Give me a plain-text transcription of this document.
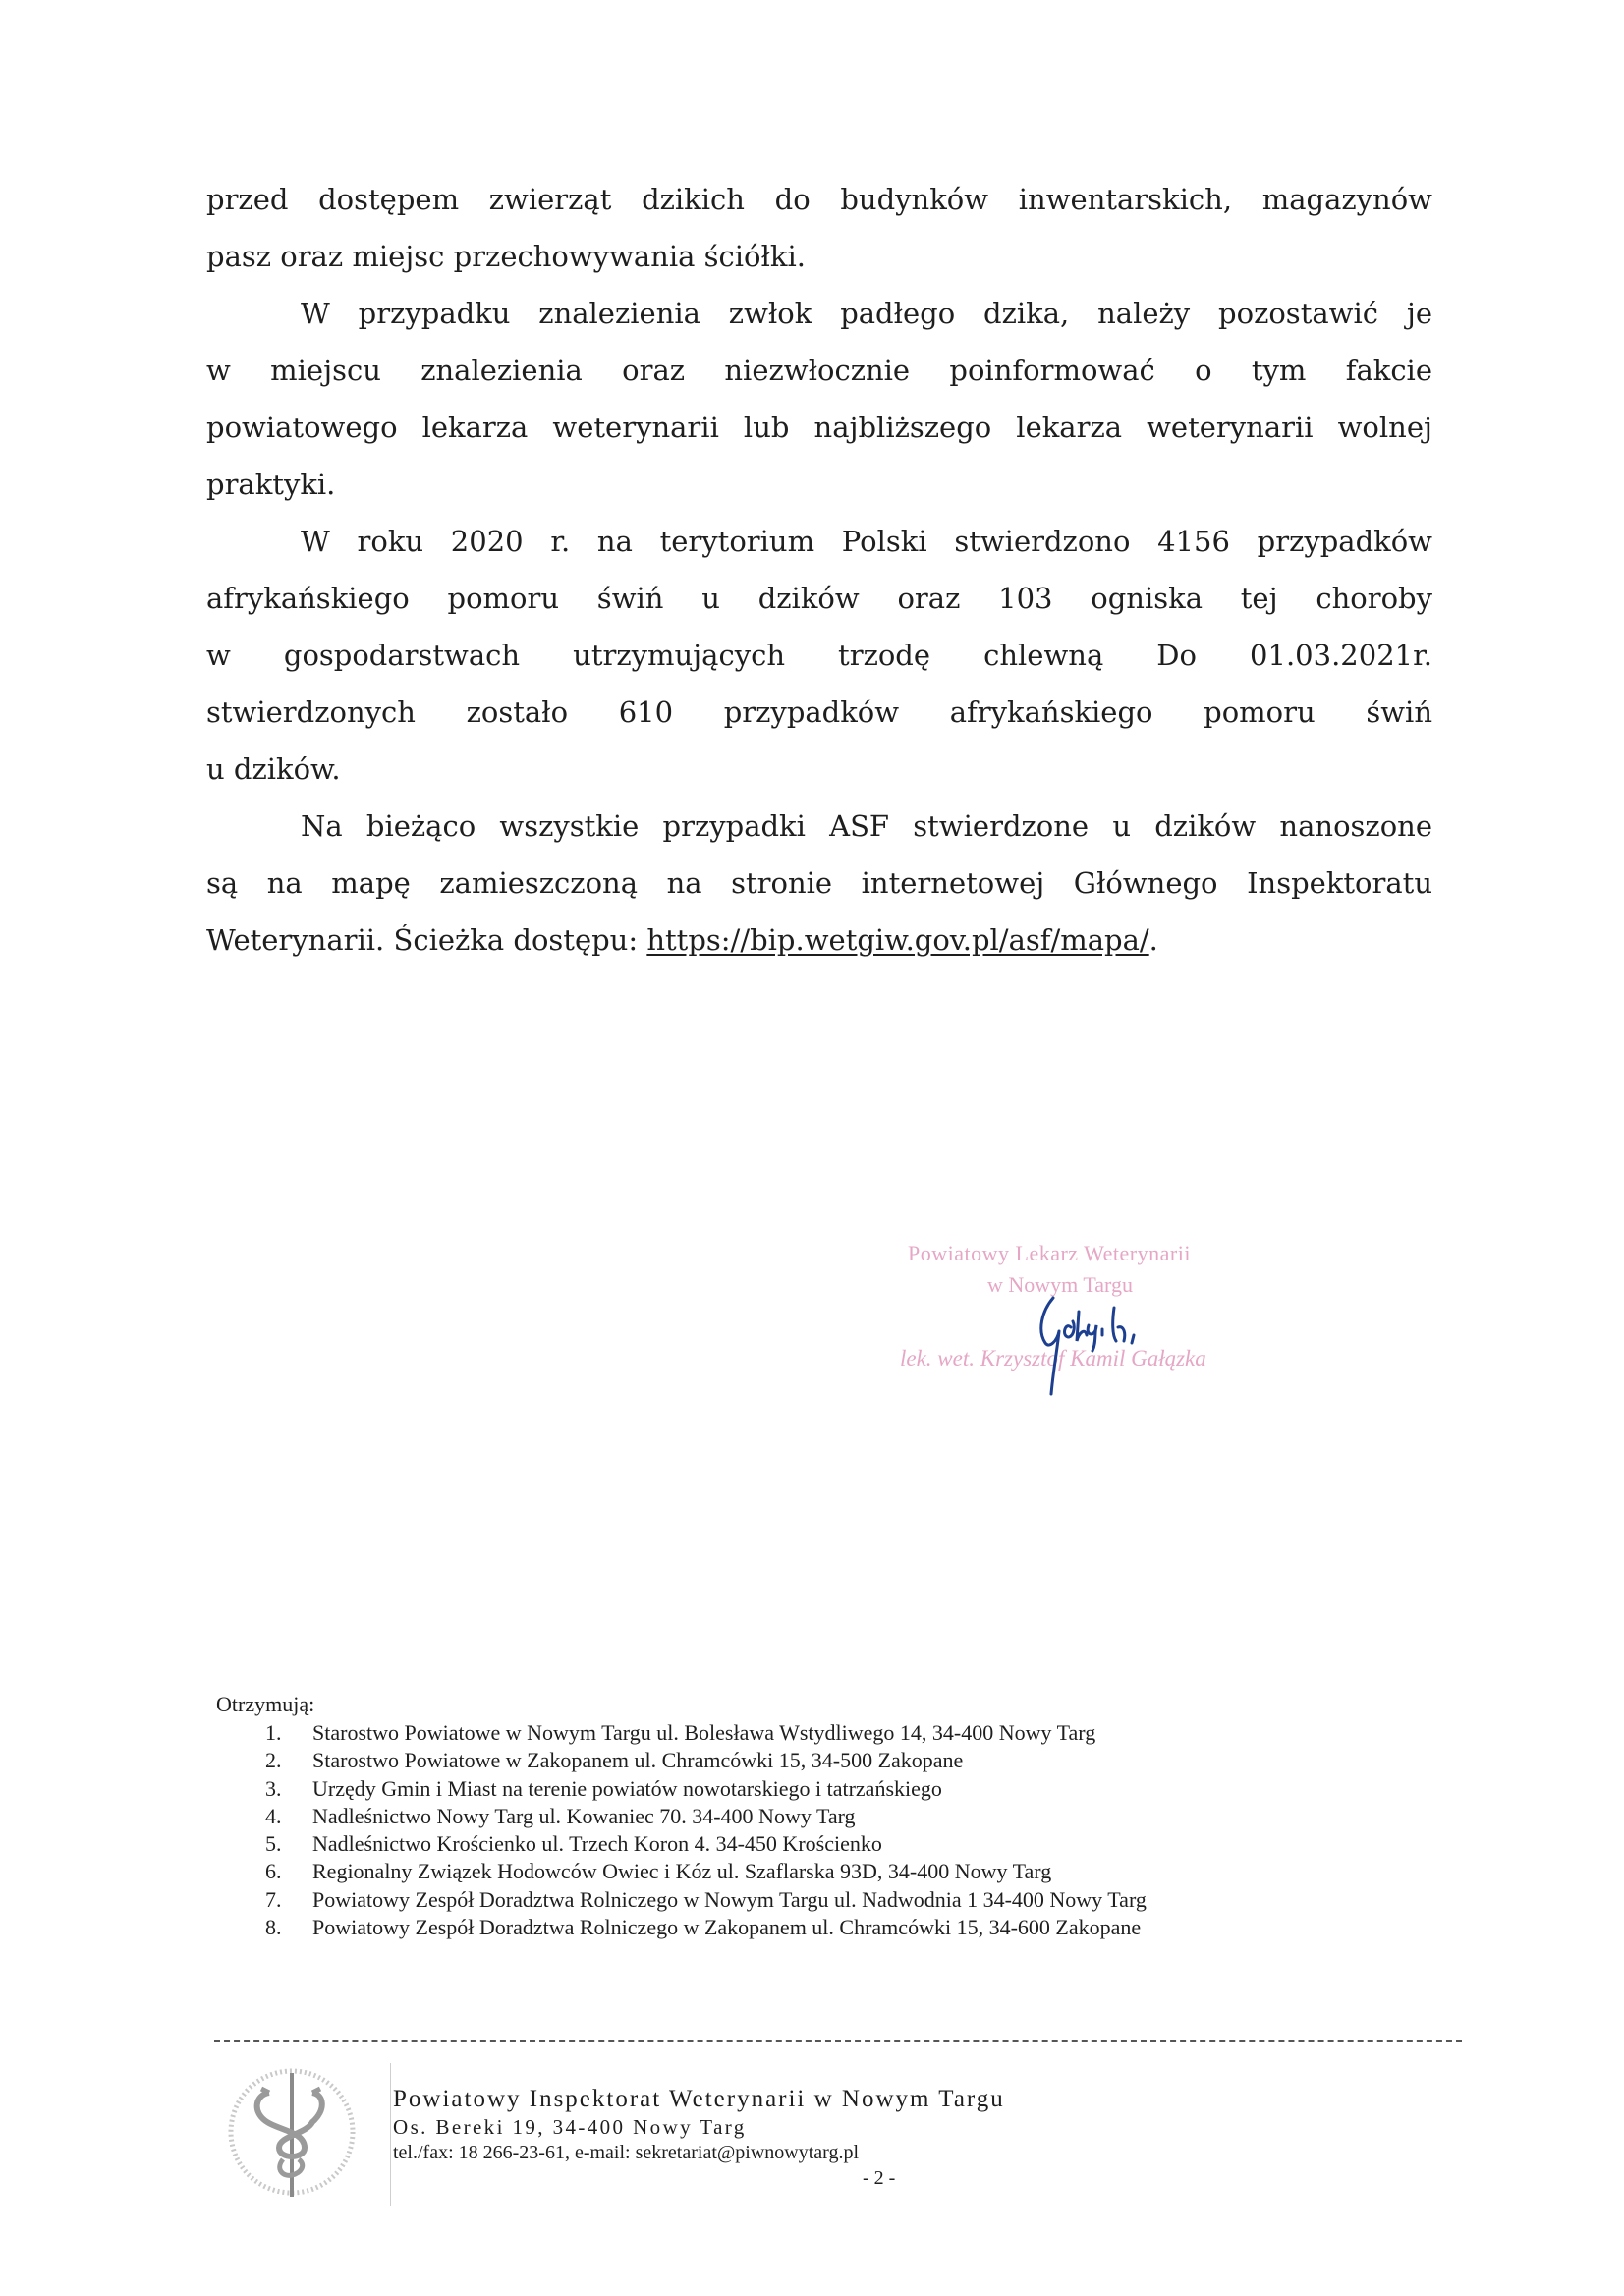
przed dostępem zwierząt dzikich do budynków inwentarskich, magazynów
pasz oraz miejsc przechowywania ściółki.
W przypadku znalezienia zwłok padłego dzika, należy pozostawić je
w miejscu znalezienia oraz niezwłocznie poinformować o tym fakcie
powiatowego lekarza weterynarii lub najbliższego lekarza weterynarii wolnej
praktyki.
W roku 2020 r. na terytorium Polski stwierdzono 4156 przypadków
afrykańskiego pomoru świń u dzików oraz 103 ogniska tej choroby
w gospodarstwach utrzymujących trzodę chlewną Do 01.03.2021r.
stwierdzonych zostało 610 przypadków afrykańskiego pomoru świń
u dzików.
Na bieżąco wszystkie przypadki ASF stwierdzone u dzików nanoszone
są na mapę zamieszczoną na stronie internetowej Głównego Inspektoratu
Weterynarii. Ścieżka dostępu: https://bip.wetgiw.gov.pl/asf/mapa/.
Powiatowy Lekarz Weterynarii
w Nowym Targu
lek. wet. Krzysztof Kamil Gałązka
Otrzymują:
1.	Starostwo Powiatowe w Nowym Targu ul. Bolesława Wstydliwego 14, 34-400 Nowy Targ
2.	Starostwo Powiatowe w Zakopanem ul. Chramcówki 15, 34-500 Zakopane
3.	Urzędy Gmin i Miast na terenie powiatów nowotarskiego i tatrzańskiego
4.	Nadleśnictwo Nowy Targ ul. Kowaniec 70. 34-400 Nowy Targ
5.	Nadleśnictwo Krościenko ul. Trzech Koron 4. 34-450 Krościenko
6.	Regionalny Związek Hodowców Owiec i Kóz ul. Szaflarska 93D, 34-400 Nowy Targ
7.	Powiatowy Zespół Doradztwa Rolniczego w Nowym Targu ul. Nadwodnia 1 34-400 Nowy Targ
8.	Powiatowy Zespół Doradztwa Rolniczego w Zakopanem ul. Chramcówki 15, 34-600 Zakopane
Powiatowy Inspektorat Weterynarii w Nowym Targu
Os. Bereki 19, 34-400 Nowy Targ
tel./fax: 18 266-23-61, e-mail: sekretariat@piwnowytarg.pl
- 2 -
